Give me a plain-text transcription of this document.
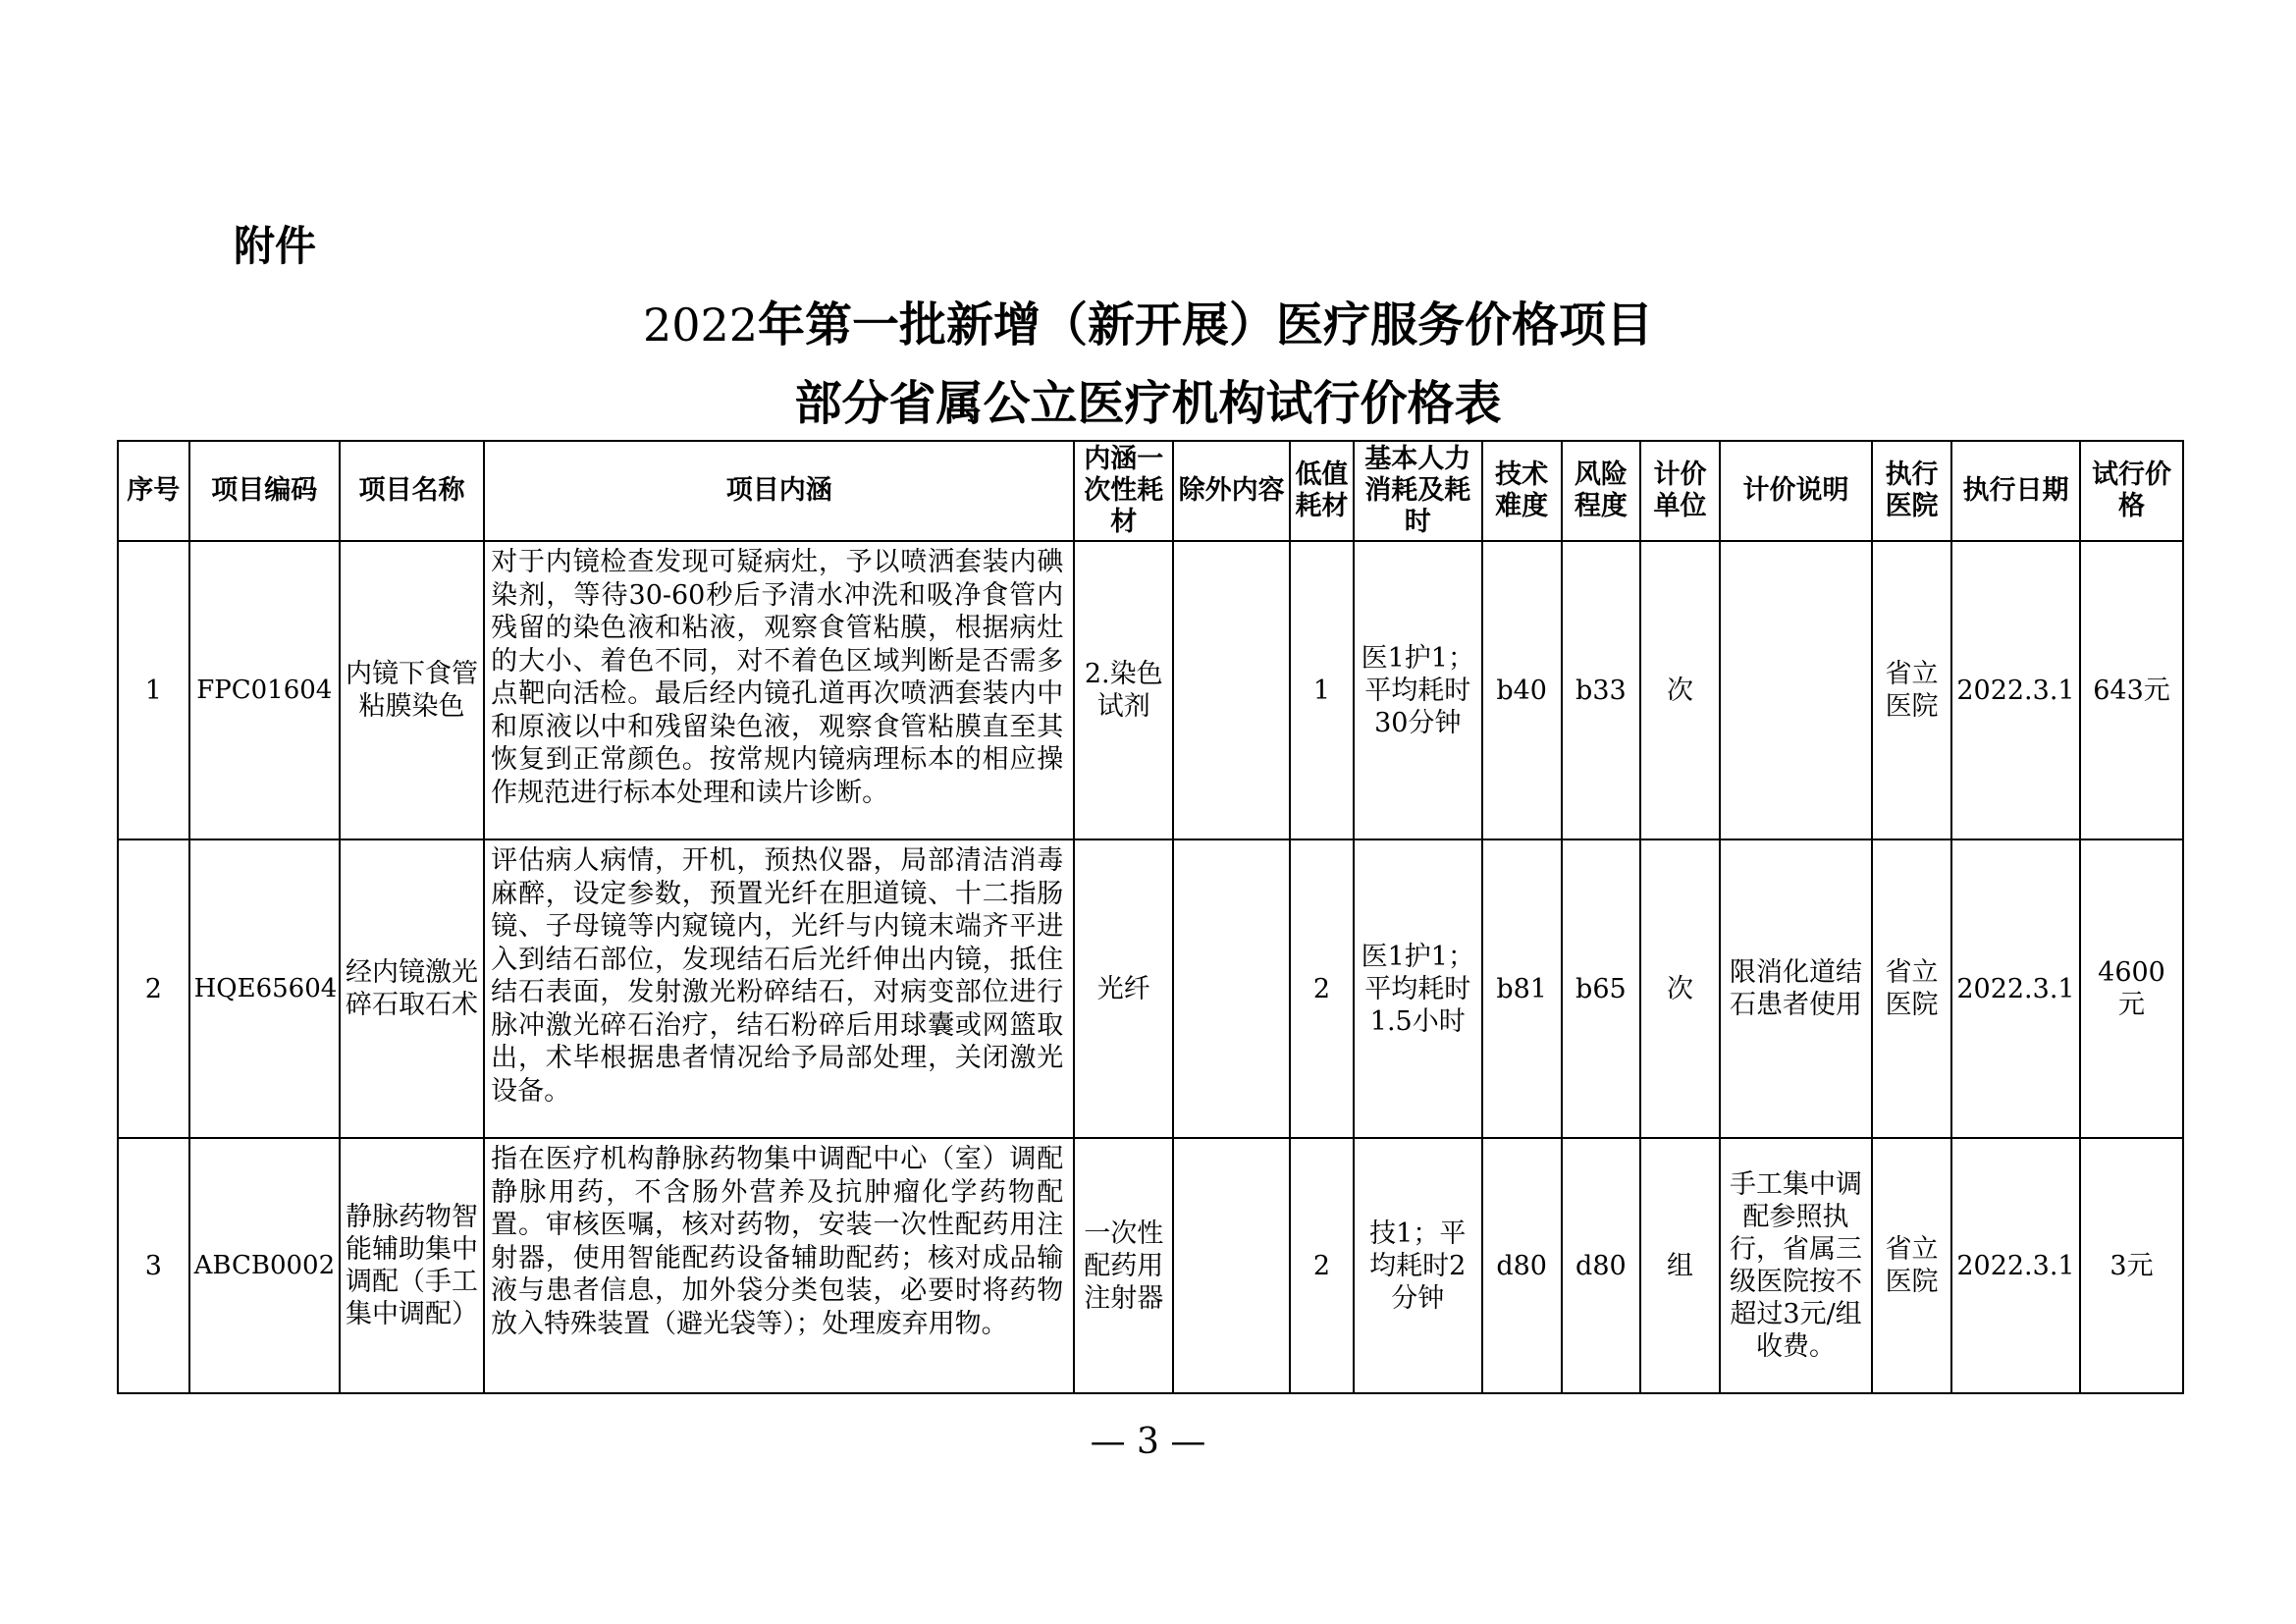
附件
2022年第一批新增（新开展）医疗服务价格项目
部分省属公立医疗机构试行价格表
序号	项目编码	项目名称	项目内涵	内涵一次性耗材	除外内容	低值耗材	基本人力消耗及耗时	技术难度	风险程度	计价单位	计价说明	执行医院	执行日期	试行价格
1	FPC01604	内镜下食管粘膜染色	对于内镜检查发现可疑病灶，予以喷洒套装内碘染剂，等待30-60秒后予清水冲洗和吸净食管内残留的染色液和粘液，观察食管粘膜，根据病灶的大小、着色不同，对不着色区域判断是否需多点靶向活检。最后经内镜孔道再次喷洒套装内中和原液以中和残留染色液，观察食管粘膜直至其恢复到正常颜色。按常规内镜病理标本的相应操作规范进行标本处理和读片诊断。	2.染色试剂		1	医1护1；平均耗时30分钟	b40	b33	次		省立医院	2022.3.1	643元
2	HQE65604	经内镜激光碎石取石术	评估病人病情，开机，预热仪器，局部清洁消毒麻醉，设定参数，预置光纤在胆道镜、十二指肠镜、子母镜等内窥镜内，光纤与内镜末端齐平进入到结石部位，发现结石后光纤伸出内镜，抵住结石表面，发射激光粉碎结石，对病变部位进行脉冲激光碎石治疗，结石粉碎后用球囊或网篮取出，术毕根据患者情况给予局部处理，关闭激光设备。	光纤		2	医1护1；平均耗时1.5小时	b81	b65	次	限消化道结石患者使用	省立医院	2022.3.1	4600元
3	ABCB0002	静脉药物智能辅助集中调配（手工集中调配）	指在医疗机构静脉药物集中调配中心（室）调配静脉用药，不含肠外营养及抗肿瘤化学药物配置。审核医嘱，核对药物，安装一次性配药用注射器，使用智能配药设备辅助配药；核对成品输液与患者信息，加外袋分类包装，必要时将药物放入特殊装置（避光袋等）；处理废弃用物。	一次性配药用注射器		2	技1；平均耗时2分钟	d80	d80	组	手工集中调配参照执行，省属三级医院按不超过3元/组收费。	省立医院	2022.3.1	3元
— 3 —
